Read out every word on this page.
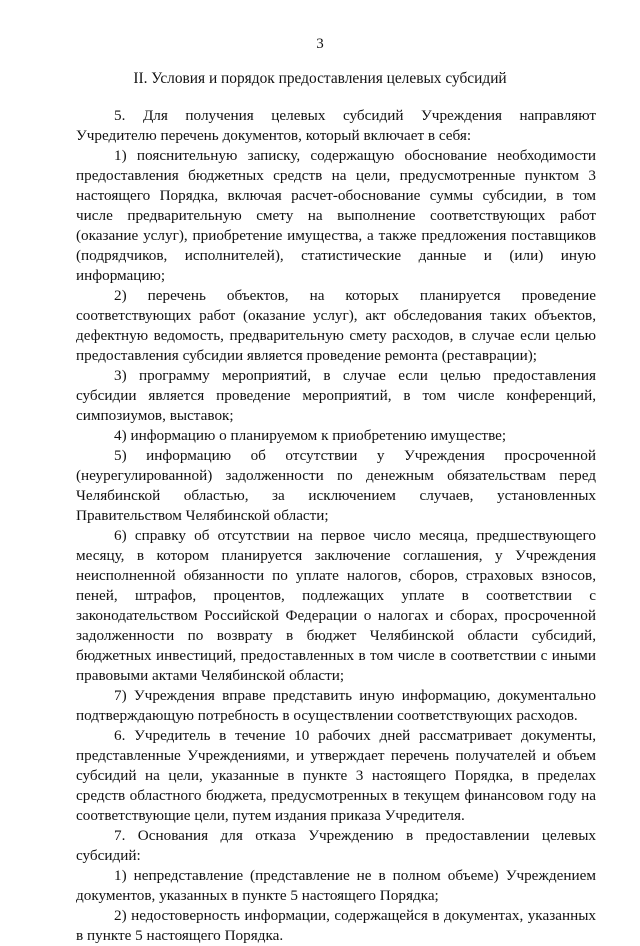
3
II. Условия и порядок предоставления целевых субсидий

5. Для получения целевых субсидий Учреждения направляют Учредителю перечень документов, который включает в себя:

1) пояснительную записку, содержащую обоснование необходимости предоставления бюджетных средств на цели, предусмотренные пунктом 3 настоящего Порядка, включая расчет-обоснование суммы субсидии, в том числе предварительную смету на выполнение соответствующих работ (оказание услуг), приобретение имущества, а также предложения поставщиков (подрядчиков, исполнителей), статистические данные и (или) иную информацию;

2) перечень объектов, на которых планируется проведение соответствующих работ (оказание услуг), акт обследования таких объектов, дефектную ведомость, предварительную смету расходов, в случае если целью предоставления субсидии является проведение ремонта (реставрации);

3) программу мероприятий, в случае если целью предоставления субсидии является проведение мероприятий, в том числе конференций, симпозиумов, выставок;

4) информацию о планируемом к приобретению имуществе;

5) информацию об отсутствии у Учреждения просроченной (неурегулированной) задолженности по денежным обязательствам перед Челябинской областью, за исключением случаев, установленных Правительством Челябинской области;

6) справку об отсутствии на первое число месяца, предшествующего месяцу, в котором планируется заключение соглашения, у Учреждения неисполненной обязанности по уплате налогов, сборов, страховых взносов, пеней, штрафов, процентов, подлежащих уплате в соответствии с законодательством Российской Федерации о налогах и сборах, просроченной задолженности по возврату в бюджет Челябинской области субсидий, бюджетных инвестиций, предоставленных в том числе в соответствии с иными правовыми актами Челябинской области;

7) Учреждения вправе представить иную информацию, документально подтверждающую потребность в осуществлении соответствующих расходов.

6. Учредитель в течение 10 рабочих дней рассматривает документы, представленные Учреждениями, и утверждает перечень получателей и объем субсидий на цели, указанные в пункте 3 настоящего Порядка, в пределах средств областного бюджета, предусмотренных в текущем финансовом году на соответствующие цели, путем издания приказа Учредителя.

7. Основания для отказа Учреждению в предоставлении целевых субсидий:

1) непредставление (представление не в полном объеме) Учреждением документов, указанных в пункте 5 настоящего Порядка;

2) недостоверность информации, содержащейся в документах, указанных в пункте 5 настоящего Порядка.
